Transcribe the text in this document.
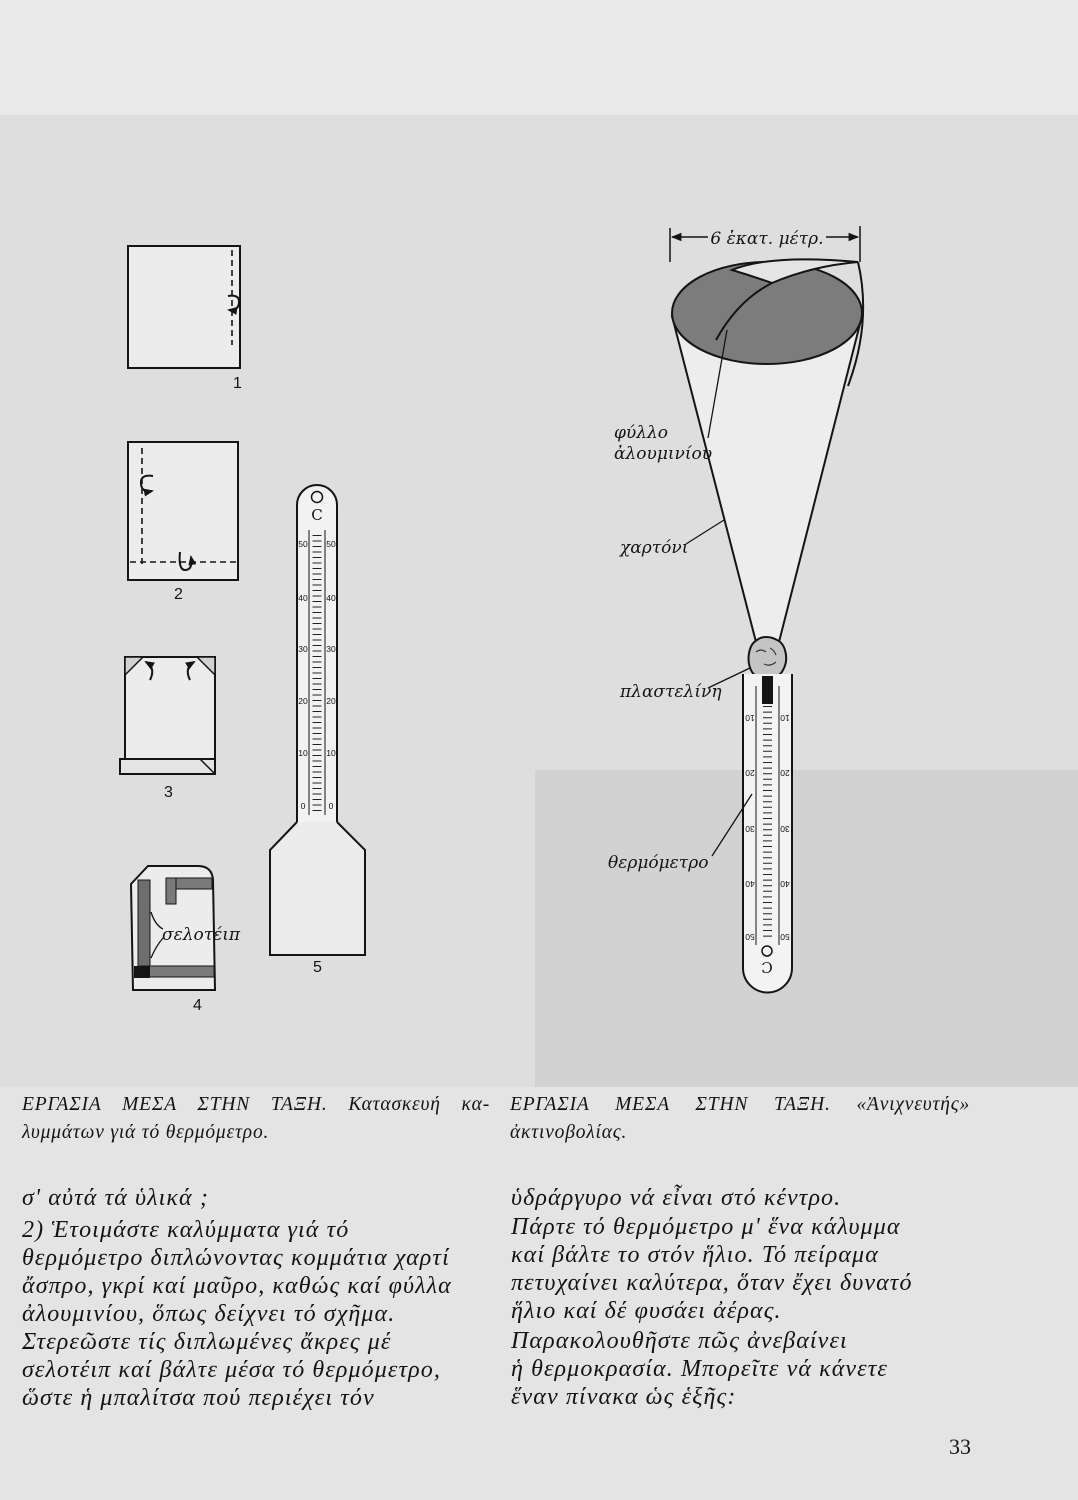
1
2
3
σελοτέιπ
4
C
50 50
40 40
30 30
20 20
10 10
0	0
5
6 ἑκατ. μέτρ.
C
10	10
20	20
30	30
40	40
50	50
φύλλο
ἀλουμινίου
χαρτόνι
πλαστελίνη
θερμόμετρο
ΕΡΓΑΣΙΑ ΜΕΣΑ ΣΤΗΝ ΤΑΞΗ. Κατασκευή κα-
λυμμάτων γιά τό θερμόμετρο.
ΕΡΓΑΣΙΑ ΜΕΣΑ ΣΤΗΝ ΤΑΞΗ. «Ἀνιχνευτής»
ἀκτινοβολίας.
σ' αὐτά τά ὑλικά ;
2) Ἑτοιμάστε καλύμματα γιά τό
θερμόμετρο διπλώνοντας κομμάτια χαρτί
ἄσπρο, γκρί καί μαῦρο, καθώς καί φύλλα
ἀλουμινίου, ὅπως δείχνει τό σχῆμα.
Στερεῶστε τίς διπλωμένες ἄκρες μέ
σελοτέιπ καί βάλτε μέσα τό θερμόμετρο,
ὥστε ἡ μπαλίτσα πού περιέχει τόν
ὑδράργυρο νά εἶναι στό κέντρο.
Πάρτε τό θερμόμετρο μ' ἕνα κάλυμμα
καί βάλτε το στόν ἥλιο. Τό πείραμα
πετυχαίνει καλύτερα, ὅταν ἔχει δυνατό
ἥλιο καί δέ φυσάει ἀέρας.
Παρακολουθῆστε πῶς ἀνεβαίνει
ἡ θερμοκρασία. Μπορεῖτε νά κάνετε
ἕναν πίνακα ὡς ἑξῆς:
33
